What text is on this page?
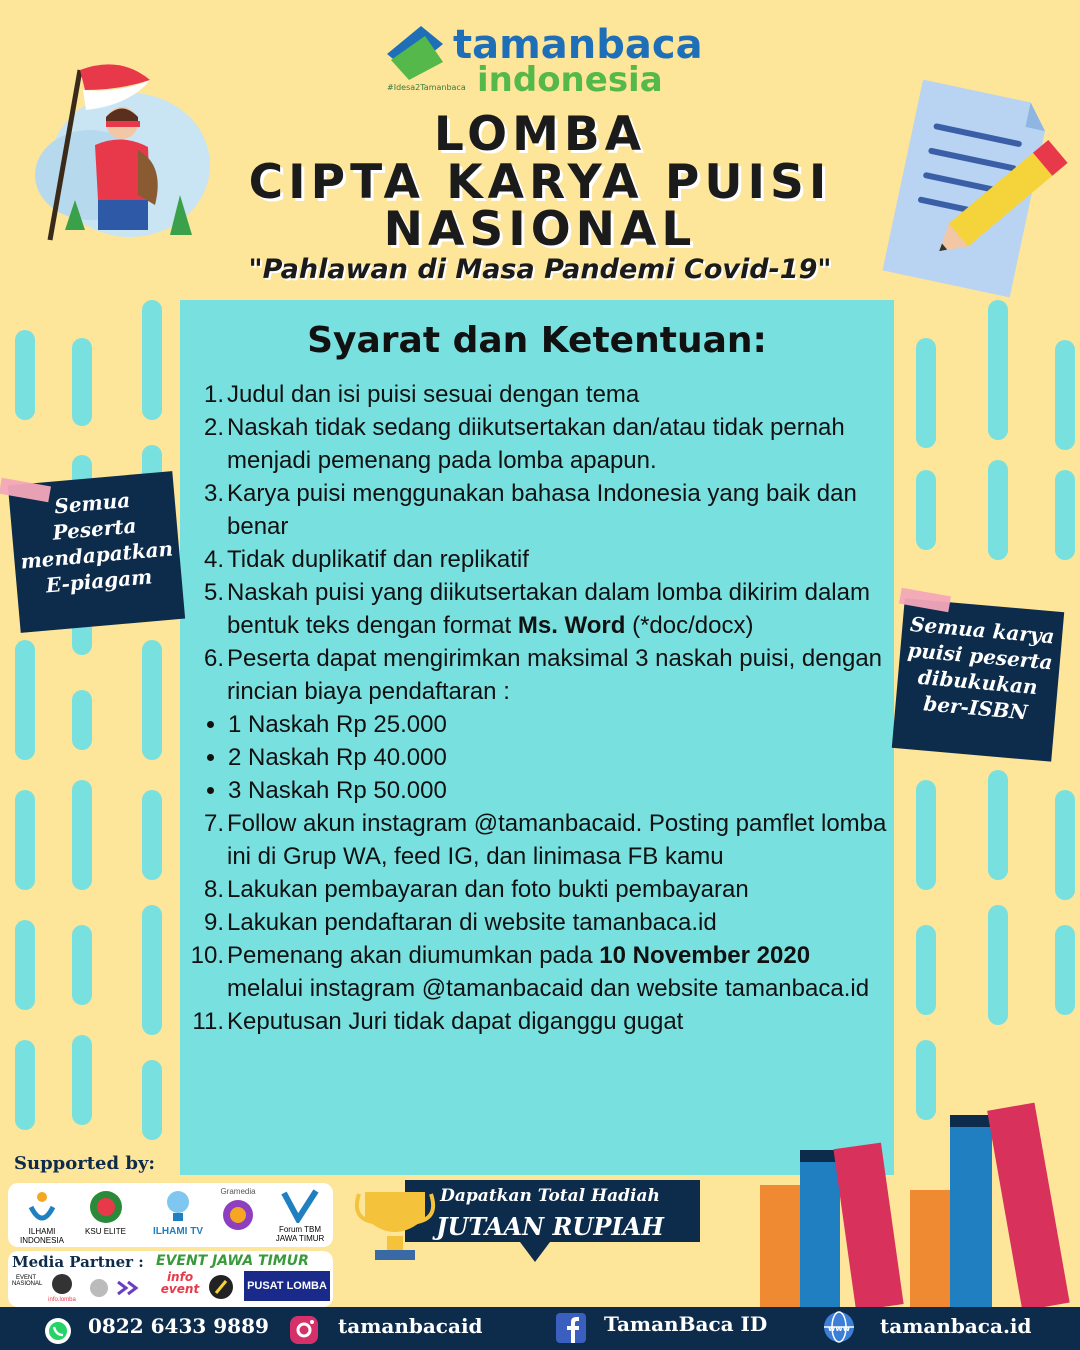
tamanbaca
indonesia
#Idesa2Tamanbaca
LOMBA
CIPTA KARYA PUISI
NASIONAL
"Pahlawan di Masa Pandemi Covid-19"
Syarat dan Ketentuan:
1. Judul dan isi puisi sesuai dengan tema
2. Naskah tidak sedang diikutsertakan dan/atau tidak pernah menjadi pemenang pada lomba apapun.
3. Karya puisi menggunakan bahasa Indonesia yang baik dan benar
4. Tidak duplikatif dan replikatif
5. Naskah puisi yang diikutsertakan dalam lomba dikirim dalam bentuk teks dengan format Ms. Word (*doc/docx)
6. Peserta dapat mengirimkan maksimal 3 naskah puisi, dengan rincian biaya pendaftaran :
• 1 Naskah Rp 25.000
• 2 Naskah Rp 40.000
• 3 Naskah Rp 50.000
7. Follow akun instagram @tamanbacaid. Posting pamflet lomba ini di Grup WA, feed IG, dan linimasa FB kamu
8. Lakukan pembayaran dan foto bukti pembayaran
9. Lakukan pendaftaran di website tamanbaca.id
10. Pemenang akan diumumkan pada 10 November 2020 melalui instagram @tamanbacaid dan website tamanbaca.id
11. Keputusan Juri tidak dapat diganggu gugat
Semua
Peserta
mendapatkan
E-piagam
Semua karya
puisi peserta
dibukukan
ber-ISBN
Supported by:
ILHAMI INDONESIA
KSU ELITE	ILHAMI TV
Gramedia
Forum TBM JAWA TIMUR
Media Partner : EVENT JAWA TIMUR
EVENT NASIONAL
info.lomba
info event	PUSAT LOMBA
Dapatkan Total Hadiah
JUTAAN RUPIAH
0822 6433 9889	tamanbacaid	TamanBaca ID	www tamanbaca.id
